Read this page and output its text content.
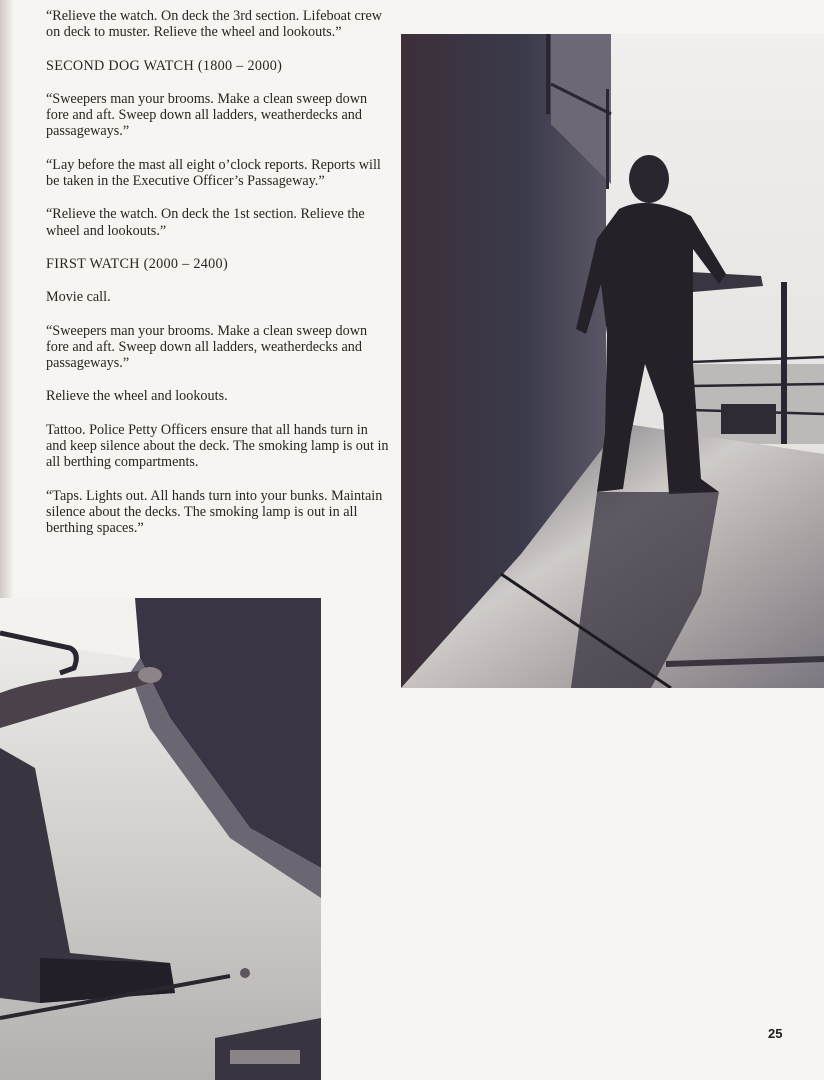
“Relieve the watch. On deck the 3rd section. Lifeboat crew on deck to muster. Relieve the wheel and lookouts.”

SECOND DOG WATCH (1800 – 2000)

“Sweepers man your brooms. Make a clean sweep down fore and aft. Sweep down all ladders, weatherdecks and passageways.”

“Lay before the mast all eight o’clock reports. Reports will be taken in the Executive Officer’s Passageway.”

“Relieve the watch. On deck the 1st section. Relieve the wheel and lookouts.”

FIRST WATCH (2000 – 2400)

Movie call.

“Sweepers man your brooms. Make a clean sweep down fore and aft. Sweep down all ladders, weatherdecks and passageways.”

Relieve the wheel and lookouts.

Tattoo. Police Petty Officers ensure that all hands turn in and keep silence about the deck. The smoking lamp is out in all berthing compartments.

“Taps. Lights out. All hands turn into your bunks. Maintain silence about the decks. The smoking lamp is out in all berthing spaces.”

25
